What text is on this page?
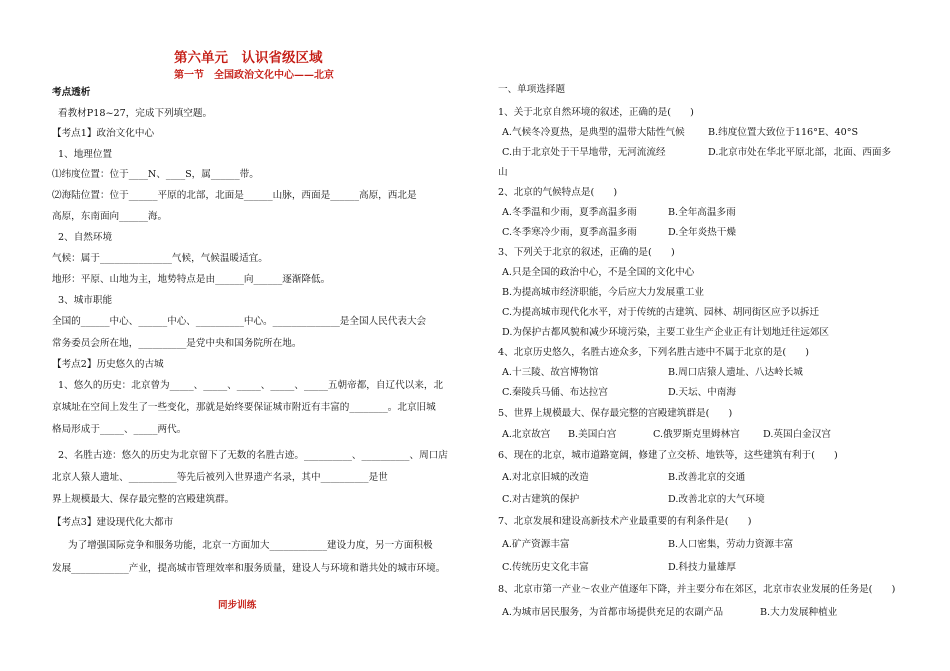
第六单元　认识省级区域
第一节　全国政治文化中心——北京
考点透析
看教材P18~27，完成下列填空题。
【考点1】政治文化中心
1、地理位置
⑴纬度位置：位于____N、____S，属______带。
⑵海陆位置：位于______平原的北部，北面是______山脉，西面是______高原，西北是
高原，东南面向______海。
2、自然环境
气候：属于_______________气候，气候温暖适宜。
地形：平原、山地为主，地势特点是由______向______逐渐降低。
3、城市职能
全国的______中心、______中心、__________中心。______________是全国人民代表大会
常务委员会所在地，__________是党中央和国务院所在地。
【考点2】历史悠久的古城
1、悠久的历史：北京曾为_____、_____、_____、_____、_____五朝帝都，自辽代以来，北
京城址在空间上发生了一些变化，那就是始终要保证城市附近有丰富的________。北京旧城
格局形成于_____、_____两代。
2、名胜古迹：悠久的历史为北京留下了无数的名胜古迹。__________、__________、周口店
北京人猿人遗址、__________等先后被列入世界遗产名录，其中__________是世
界上规模最大、保存最完整的宫殿建筑群。
【考点3】建设现代化大都市
为了增强国际竞争和服务功能，北京一方面加大____________建设力度，另一方面积极
发展____________产业，提高城市管理效率和服务质量，建设人与环境和谐共处的城市环境。
同步训练
一、单项选择题
1、关于北京自然环境的叙述，正确的是(　　)
A.气候冬冷夏热，是典型的温带大陆性气候 B.纬度位置大致位于116°E、40°S
C.由于北京处于干旱地带，无河流流经	D.北京市处在华北平原北部，北面、西面多
山
2、北京的气候特点是(　　)
A.冬季温和少雨，夏季高温多雨	B.全年高温多雨
C.冬季寒冷少雨，夏季高温多雨	D.全年炎热干燥
3、下列关于北京的叙述，正确的是(　　)
A.只是全国的政治中心，不是全国的文化中心
B.为提高城市经济职能，今后应大力发展重工业
C.为提高城市现代化水平，对于传统的古建筑、园林、胡同街区应予以拆迁
D.为保护古都风貌和减少环境污染，主要工业生产企业正有计划地迁往远郊区
4、北京历史悠久，名胜古迹众多，下列名胜古迹中不属于北京的是(　　)
A.十三陵、故宫博物馆	B.周口店猿人遗址、八达岭长城
C.秦陵兵马俑、布达拉宫	D.天坛、中南海
5、世界上规模最大、保存最完整的宫殿建筑群是(　　)
A.北京故宫 B.美国白宫	C.俄罗斯克里姆林宫 D.英国白金汉宫
6、现在的北京，城市道路宽阔，修建了立交桥、地铁等，这些建筑有利于(　　)
A.对北京旧城的改造	B.改善北京的交通
C.对古建筑的保护	D.改善北京的大气环境
7、北京发展和建设高新技术产业最重要的有利条件是(　　)
A.矿产资源丰富	B.人口密集，劳动力资源丰富
C.传统历史文化丰富	D.科技力量雄厚
8、北京市第一产业～农业产值逐年下降，并主要分布在郊区，北京市农业发展的任务是(　　)
A.为城市居民服务，为首都市场提供充足的农副产品	B.大力发展种植业
